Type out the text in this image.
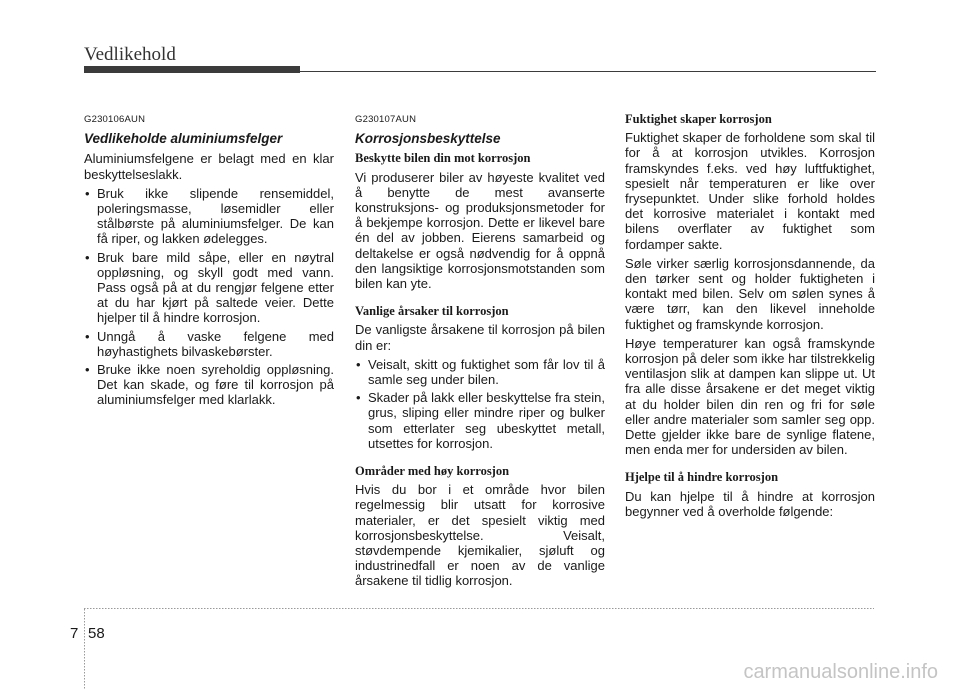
Vedlikehold

G230106AUN

Vedlikeholde aluminiumsfelger

Aluminiumsfelgene er belagt med en klar beskyttelseslakk.

• Bruk ikke slipende rensemiddel, poleringsmasse, løsemidler eller stålbørste på aluminiumsfelger. De kan få riper, og lakken ødelegges.
• Bruk bare mild såpe, eller en nøytral oppløsning, og skyll godt med vann. Pass også på at du rengjør felgene etter at du har kjørt på saltede veier. Dette hjelper til å hindre korrosjon.
• Unngå å vaske felgene med høyhastighets bilvaskebørster.
• Bruke ikke noen syreholdig oppløsning. Det kan skade, og føre til korrosjon på aluminiumsfelger med klarlakk.

G230107AUN

Korrosjonsbeskyttelse

Beskytte bilen din mot korrosjon

Vi produserer biler av høyeste kvalitet ved å benytte de mest avanserte konstruksjons- og produksjonsmetoder for å bekjempe korrosjon. Dette er likevel bare én del av jobben. Eierens samarbeid og deltakelse er også nødvendig for å oppnå den langsiktige korrosjonsmotstanden som bilen kan yte.

Vanlige årsaker til korrosjon

De vanligste årsakene til korrosjon på bilen din er:

• Veisalt, skitt og fuktighet som får lov til å samle seg under bilen.
• Skader på lakk eller beskyttelse fra stein, grus, sliping eller mindre riper og bulker som etterlater seg ubeskyttet metall, utsettes for korrosjon.

Områder med høy korrosjon

Hvis du bor i et område hvor bilen regelmessig blir utsatt for korrosive materialer, er det spesielt viktig med korrosjonsbeskyttelse. Veisalt, støvdempende kjemikalier, sjøluft og industrinedfall er noen av de vanlige årsakene til tidlig korrosjon.

Fuktighet skaper korrosjon

Fuktighet skaper de forholdene som skal til for å at korrosjon utvikles. Korrosjon framskyndes f.eks. ved høy luftfuktighet, spesielt når temperaturen er like over frysepunktet. Under slike forhold holdes det korrosive materialet i kontakt med bilens overflater av fuktighet som fordamper sakte.

Søle virker særlig korrosjonsdannende, da den tørker sent og holder fuktigheten i kontakt med bilen. Selv om sølen synes å være tørr, kan den likevel inneholde fuktighet og framskynde korrosjon.

Høye temperaturer kan også framskynde korrosjon på deler som ikke har tilstrekkelig ventilasjon slik at dampen kan slippe ut. Ut fra alle disse årsakene er det meget viktig at du holder bilen din ren og fri for søle eller andre materialer som samler seg opp. Dette gjelder ikke bare de synlige flatene, men enda mer for undersiden av bilen.

Hjelpe til å hindre korrosjon

Du kan hjelpe til å hindre at korrosjon begynner ved å overholde følgende:

7 58
carmanualsonline.info
